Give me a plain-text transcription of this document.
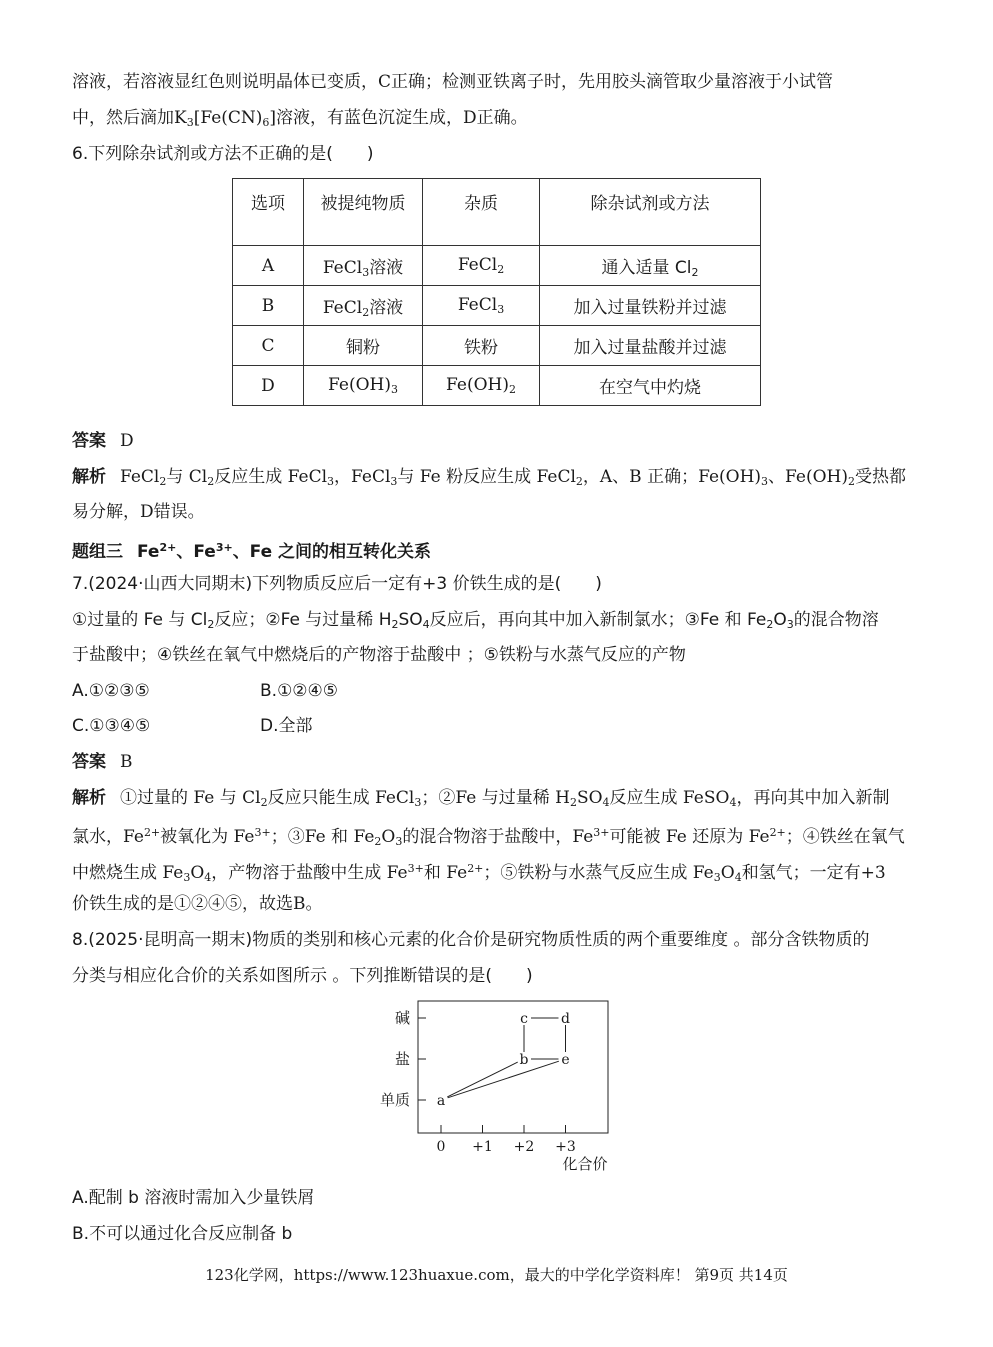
溶液，若溶液显红色则说明晶体已变质，C正确；检测亚铁离子时，先用胶头滴管取少量溶液于小试管
中，然后滴加$K_3[Fe(CN)_6]$溶液，有蓝色沉淀生成，D正确。
6.下列除杂试剂或方法不正确的是(　　)
选项	被提纯物质	杂质	除杂试剂或方法
A	FeCl$_3$溶液	FeCl$_2$	通入适量 $Cl_2$
B	FeCl$_2$溶液	FeCl$_3$	加入过量铁粉并过滤
C	铜粉	铁粉	加入过量盐酸并过滤
D	$Fe(OH)_3$	$Fe(OH)_2$	在空气中灼烧
答案 D
解析 FeCl$_2$与 $Cl_2$反应生成 FeCl$_3$，FeCl$_3$与 Fe 粉反应生成 FeCl$_2$，A、B 正确；$Fe(OH)_3$、$Fe(OH)_2$受热都
易分解，D错误。
题组三 $Fe^{2+}$、$Fe^{3+}$、Fe 之间的相互转化关系
7.(2024·山西大同期末)下列物质反应后一定有+3 价铁生成的是(　　)
①过量的 Fe 与 $Cl_2$反应；②Fe 与过量稀 $H_2SO_4$反应后，再向其中加入新制氯水；③Fe 和 $Fe_2O_3$的混合物溶
于盐酸中；④铁丝在氧气中燃烧后的产物溶于盐酸中 ；⑤铁粉与水蒸气反应的产物
A.①②③⑤	B.①②④⑤
C.①③④⑤	D.全部
答案 B
解析 ①过量的 Fe 与 $Cl_2$反应只能生成 FeCl$_3$；②Fe 与过量稀 $H_2SO_4$反应生成 FeSO$_4$，再向其中加入新制
氯水，$Fe^{2+}$被氧化为 $Fe^{3+}$；③Fe 和 $Fe_2O_3$的混合物溶于盐酸中，$Fe^{3+}$可能被 Fe 还原为 $Fe^{2+}$；④铁丝在氧气
中燃烧生成 $Fe_3O_4$，产物溶于盐酸中生成 $Fe^{3+}$和 $Fe^{2+}$；⑤铁粉与水蒸气反应生成 $Fe_3O_4$和氢气；一定有+3
价铁生成的是①②④⑤，故选B。
8.(2025·昆明高一期末)物质的类别和核心元素的化合价是研究物质性质的两个重要维度 。部分含铁物质的
分类与相应化合价的关系如图所示 。下列推断错误的是(　　)
单质
盐
碱
0 +1 +2 +3
a
b
c d
e
化合价
A.配制 b 溶液时需加入少量铁屑
B.不可以通过化合反应制备 b
123化学网，https://www.123huaxue.com，最大的中学化学资料库！ 第9页 共14页
